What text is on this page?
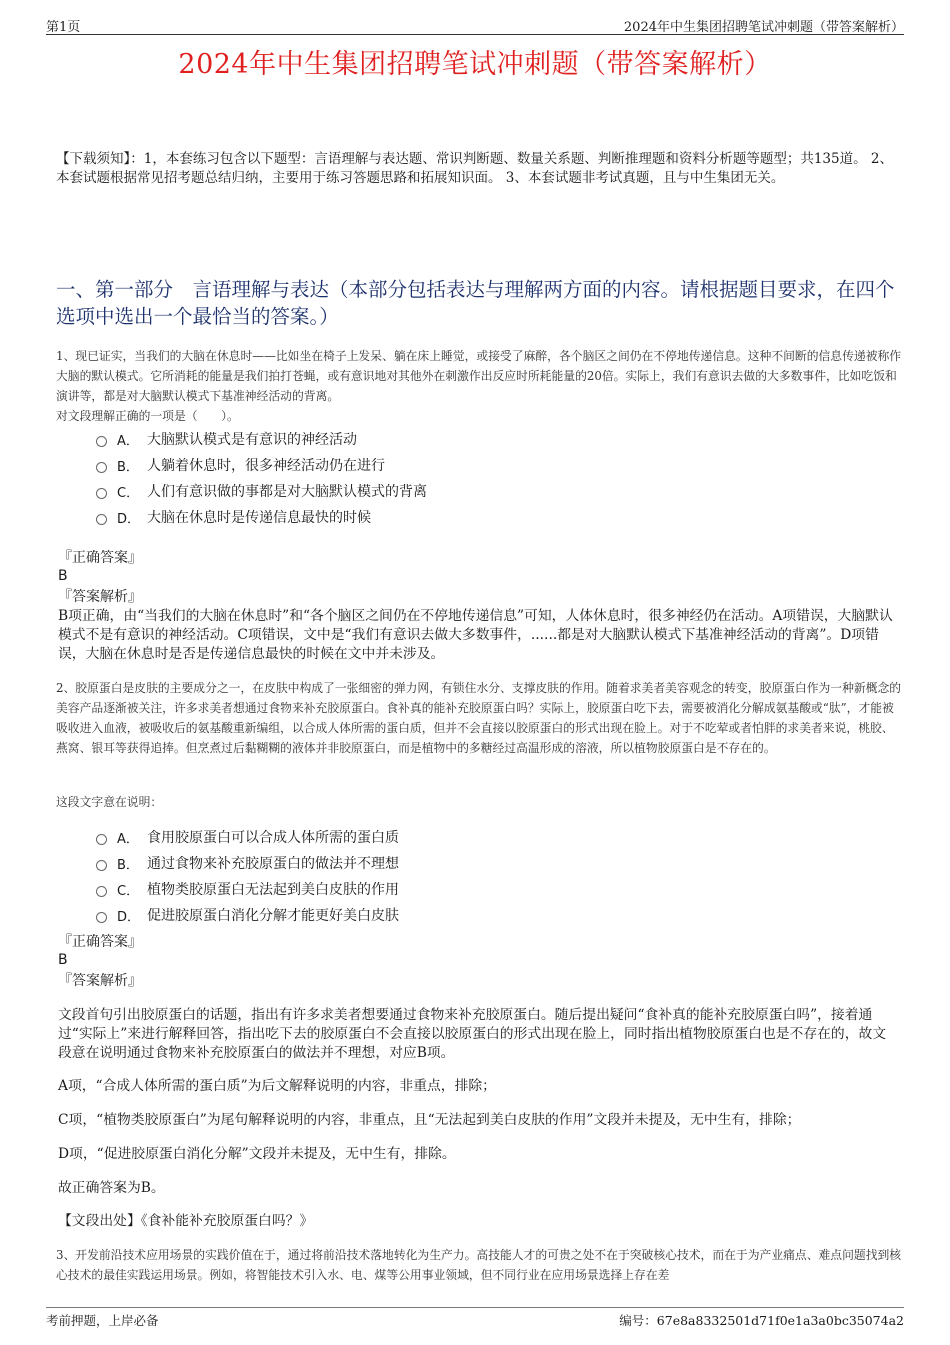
第1页	2024年中生集团招聘笔试冲刺题（带答案解析）
2024年中生集团招聘笔试冲刺题（带答案解析）
【下载须知】：1，本套练习包含以下题型：言语理解与表达题、常识判断题、数量关系题、判断推理题和资料分析题等题型；共135道。 2、本套试题根据常见招考题总结归纳，主要用于练习答题思路和拓展知识面。 3、本套试题非考试真题，且与中生集团无关。
一、第一部分　言语理解与表达（本部分包括表达与理解两方面的内容。请根据题目要求，在四个选项中选出一个最恰当的答案。）
1、现已证实，当我们的大脑在休息时——比如坐在椅子上发呆、躺在床上睡觉，或接受了麻醉，各个脑区之间仍在不停地传递信息。这种不间断的信息传递被称作大脑的默认模式。它所消耗的能量是我们拍打苍蝇，或有意识地对其他外在刺激作出反应时所耗能量的20倍。实际上，我们有意识去做的大多数事件，比如吃饭和演讲等，都是对大脑默认模式下基准神经活动的背离。
对文段理解正确的一项是（　　）。
A． 大脑默认模式是有意识的神经活动
B． 人躺着休息时，很多神经活动仍在进行
C． 人们有意识做的事都是对大脑默认模式的背离
D． 大脑在休息时是传递信息最快的时候
『正确答案』
B
『答案解析』
B项正确，由“当我们的大脑在休息时”和“各个脑区之间仍在不停地传递信息”可知，人体休息时，很多神经仍在活动。A项错误，大脑默认模式不是有意识的神经活动。C项错误，文中是“我们有意识去做大多数事件，......都是对大脑默认模式下基准神经活动的背离”。D项错误，大脑在休息时是否是传递信息最快的时候在文中并未涉及。
2、胶原蛋白是皮肤的主要成分之一，在皮肤中构成了一张细密的弹力网，有锁住水分、支撑皮肤的作用。随着求美者美容观念的转变，胶原蛋白作为一种新概念的美容产品逐渐被关注，许多求美者想通过食物来补充胶原蛋白。食补真的能补充胶原蛋白吗？实际上，胶原蛋白吃下去，需要被消化分解成氨基酸或“肽”，才能被吸收进入血液，被吸收后的氨基酸重新编组，以合成人体所需的蛋白质，但并不会直接以胶原蛋白的形式出现在脸上。对于不吃荤或者怕胖的求美者来说，桃胶、燕窝、银耳等获得追捧。但烹煮过后黏糊糊的液体并非胶原蛋白，而是植物中的多糖经过高温形成的溶液，所以植物胶原蛋白是不存在的。
这段文字意在说明：
A． 食用胶原蛋白可以合成人体所需的蛋白质
B． 通过食物来补充胶原蛋白的做法并不理想
C． 植物类胶原蛋白无法起到美白皮肤的作用
D． 促进胶原蛋白消化分解才能更好美白皮肤
『正确答案』
B
『答案解析』
文段首句引出胶原蛋白的话题，指出有许多求美者想要通过食物来补充胶原蛋白。随后提出疑问“食补真的能补充胶原蛋白吗”，接着通过“实际上”来进行解释回答，指出吃下去的胶原蛋白不会直接以胶原蛋白的形式出现在脸上，同时指出植物胶原蛋白也是不存在的，故文段意在说明通过食物来补充胶原蛋白的做法并不理想，对应B项。
A项，“合成人体所需的蛋白质”为后文解释说明的内容，非重点，排除；
C项，“植物类胶原蛋白”为尾句解释说明的内容，非重点，且“无法起到美白皮肤的作用”文段并未提及，无中生有，排除；
D项，“促进胶原蛋白消化分解”文段并未提及，无中生有，排除。
故正确答案为B。
【文段出处】《食补能补充胶原蛋白吗？》
3、开发前沿技术应用场景的实践价值在于，通过将前沿技术落地转化为生产力。高技能人才的可贵之处不在于突破核心技术，而在于为产业痛点、难点问题找到核心技术的最佳实践运用场景。例如，将智能技术引入水、电、煤等公用事业领域，但不同行业在应用场景选择上存在差
考前押题，上岸必备	编号：67e8a8332501d71f0e1a3a0bc35074a2
